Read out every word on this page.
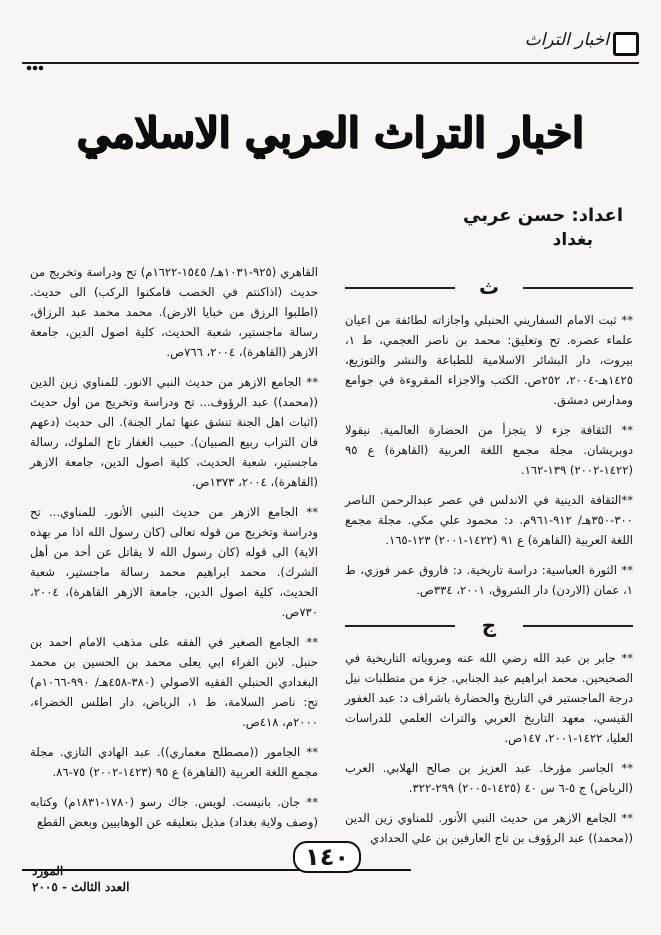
اخبار التراث
اخبار التراث العربي الاسلامي
اعداد: حسن عربي
بغداد
ث

** ثبت الامام السفاريني الحنبلي واجازاته لطائفة من اعيان علماء عصره. تح وتعليق: محمد بن ناصر العجمي، ط ١، بيروت، دار البشائر الاسلامية للطباعة والنشر والتوزيع، ١٤٢٥هـ-٢٠٠٤، ٢٥٢ص. الكتب والاجزاء المقروءة في جوامع ومدارس دمشق.

** الثقافة جزء لا يتجزأ من الحضارة العالمية. نيقولا دوبريشان. مجلة مجمع اللغة العربية (القاهرة) ع ٩٥ (١٤٢٢-٢٠٠٢) ١٣٩-١٦٢.

**الثقافة الدينية في الاندلس في عصر عبدالرحمن الناصر ٣٠٠-٣٥٠هـ/ ٩١٢-٩٦١م. د: محمود علي مكي. مجلة مجمع اللغة العربية (القاهرة) ع ٩١ (١٤٢٢-٢٠٠١) ١٢٣-١٦٥.

** الثورة العباسية: دراسة تاريخية. د: فاروق عمر فوزي، ط ١، عمان (الاردن) دار الشروق، ٢٠٠١، ٣٣٤ص.

ج

** جابر بن عبد الله رضي الله عنه ومروياته التاريخية في الصحيحين. محمد ابراهيم عبد الجنابي. جزء من متطلبات نيل درجة الماجستير في التاريخ والحضارة باشراف د: عبد الغفور القيسي، معهد التاريخ العربي والتراث العلمي للدراسات العليا، ١٤٢٢-٢٠٠١، ١٤٧ص.

** الجاسر مؤرخا. عبد العزيز بن صالح الهلابي. العرب (الرياض) ج ٥-٦ س ٤٠ (١٤٢٥-٢٠٠٥) ٢٩٩-٣٢٢.

** الجامع الازهر من حديث النبي الأنور. للمناوي زين الدين ((محمد)) عبد الرؤوف بن تاج العارفين بن علي الحدادي

القاهري (٩٢٥-١٠٣١هـ/ ١٥٤٥-١٦٢٢م) تح ودراسة وتخريج من حديث (اذاكنتم في الخصب فامكنوا الركب) الى حديث. (اطلبوا الرزق من خبايا الارض). محمد محمد عبد الرزاق، رسالة ماجستير، شعبة الحديث، كلية اصول الدين، جامعة الازهر (القاهرة)، ٢٠٠٤، ٧٦٦ص.

** الجامع الازهر من حديث النبي الانور. للمناوي زين الدين ((محمد)) عبد الرؤوف... تح ودراسة وتخريج من اول حديث (اثبات اهل الجنة تنشق عنها ثمار الجنة). الى حديث (دعهم فان التراب ربيع الصبيان). حبيب الغفار تاج الملوك، رسالة ماجستير، شعبة الحديث، كلية اصول الدين، جامعة الازهر (القاهرة)، ٢٠٠٤، ١٣٧٣ص.

** الجامع الازهر من حديث النبي الأنور. للمناوي... تح ودراسة وتخريج من قوله تعالى (كان رسول الله اذا مر بهذه الاية) الى قوله (كان رسول الله لا يقاتل عن أحد من أهل الشرك). محمد ابراهيم محمد رسالة ماجستير، شعبة الحديث، كلية اصول الدين، جامعة الازهر القاهرة)، ٢٠٠٤، ٧٣٠ص.

** الجامع الصغير في الفقه على مذهب الامام احمد بن حنبل. لابن الفراء ابي يعلى محمد بن الحسين بن محمد البغدادي الحنبلي الفقيه الاصولي (٣٨٠-٤٥٨هـ/ ٩٩٠-١٠٦٦م) تح: ناصر السلامة، ط ١، الرياض، دار اطلس الخضراء، ٢٠٠٠م، ٤١٨ص.

** الجامور ((مصطلح معماري)). عبد الهادي التازي. مجلة مجمع اللغة العربية (القاهرة) ع ٩٥ (١٤٢٣-٢٠٠٢) ٧٥-٨٦.

** جان. بانيست. لويس. جاك رسو (١٧٨٠-١٨٣١م) وكتابه (وصف ولاية بغداد) مذيل بتعليقه عن الوهابيين وبعض القطع

١٤٠
المورد
العدد الثالث - ٢٠٠٥
